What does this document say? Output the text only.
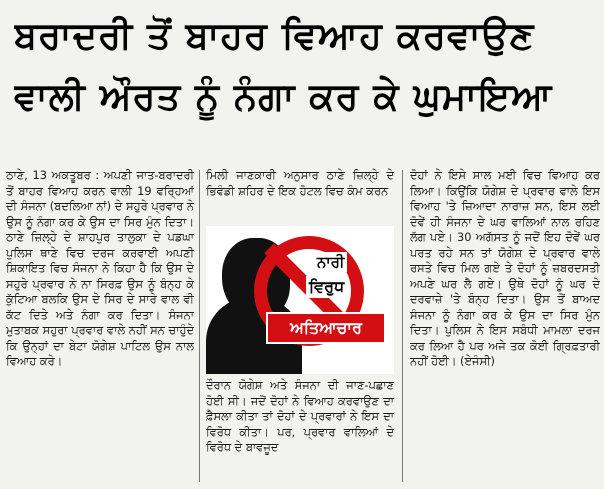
ਬਰਾਦਰੀ ਤੋਂ ਬਾਹਰ ਵਿਆਹ ਕਰਵਾਉਣ
ਵਾਲੀ ਔਰਤ ਨੂੰ ਨੰਗਾ ਕਰ ਕੇ ਘੁਮਾਇਆ

ਠਾਣੇ, 13 ਅਕਤੂਬਰ : ਅਪਣੀ ਜਾਤ-ਬਰਾਦਰੀ ਤੋਂ ਬਾਹਰ ਵਿਆਹ ਕਰਨ ਵਾਲੀ 19 ਵਰ੍ਹਿਆਂ ਦੀ ਸੰਜਨਾ (ਬਦਲਿਆ ਨਾਂ) ਦੇ ਸਹੁਰੇ ਪ੍ਰਵਾਰ ਨੇ ਉਸ ਨੂੰ ਨੰਗਾ ਕਰ ਕੇ ਉਸ ਦਾ ਸਿਰ ਮੁੰਨ ਦਿਤਾ। ਠਾਣੇ ਜ਼ਿਲ੍ਹੇ ਦੇ ਸ਼ਾਹਪੁਰ ਤਾਲੁਕਾ ਦੇ ਪਡਘਾ ਪੁਲਿਸ ਥਾਣੇ ਵਿਚ ਦਰਜ ਕਰਵਾਈ ਅਪਣੀ ਸ਼ਿਕਾਇਤ ਵਿਚ ਸੰਜਨਾ ਨੇ ਕਿਹਾ ਹੈ ਕਿ ਉਸ ਦੇ ਸਹੁਰੇ ਪ੍ਰਵਾਰ ਨੇ ਨਾ ਸਿਰਫ਼ ਉਸ ਨੂੰ ਬੰਨ੍ਹ ਕੇ ਕੁੱਟਿਆ ਬਲਕਿ ਉਸ ਦੇ ਸਿਰ ਦੇ ਸਾਰੇ ਵਾਲ ਵੀ ਕੱਟ ਦਿਤੇ ਅਤੇ ਨੰਗਾ ਕਰ ਦਿਤਾ। ਸੰਜਨਾ ਮੁਤਾਬਕ ਸਹੁਰਾ ਪ੍ਰਵਾਰ ਵਾਲੇ ਨਹੀਂ ਸਨ ਚਾਹੁੰਦੇ ਕਿ ਉਨ੍ਹਾਂ ਦਾ ਬੇਟਾ ਯੋਗੇਸ਼ ਪਾਟਿਲ ਉਸ ਨਾਲ ਵਿਆਹ ਕਰੇ।

ਮਿਲੀ ਜਾਣਕਾਰੀ ਅਨੁਸਾਰ ਠਾਣੇ ਜ਼ਿਲ੍ਹੇ ਦੇ ਭਿਵੰਡੀ ਸ਼ਹਿਰ ਦੇ ਇਕ ਹੋਟਲ ਵਿਚ ਕੰਮ ਕਰਨ

ਨਾਰੀ
ਵਿਰੁਧ
ਅਤਿਆਚਾਰ

ਦੌਰਾਨ ਯੋਗੇਸ਼ ਅਤੇ ਸੰਜਨਾ ਦੀ ਜਾਣ-ਪਛਾਣ ਹੋਈ ਸੀ। ਜਦੋਂ ਦੋਹਾਂ ਨੇ ਵਿਆਹ ਕਰਵਾਉਣ ਦਾ ਫ਼ੈਸਲਾ ਕੀਤਾ ਤਾਂ ਦੋਹਾਂ ਦੇ ਪ੍ਰਵਾਰਾਂ ਨੇ ਇਸ ਦਾ ਵਿਰੋਧ ਕੀਤਾ। ਪਰ, ਪ੍ਰਵਾਰ ਵਾਲਿਆਂ ਦੇ ਵਿਰੋਧ ਦੇ ਬਾਵਜੂਦ

ਦੋਹਾਂ ਨੇ ਇਸੇ ਸਾਲ ਮਈ ਵਿਚ ਵਿਆਹ ਕਰ ਲਿਆ। ਕਿਉਂਕਿ ਯੋਗੇਸ਼ ਦੇ ਪ੍ਰਵਾਰ ਵਾਲੇ ਇਸ ਵਿਆਹ 'ਤੇ ਜ਼ਿਆਦਾ ਨਾਰਾਜ਼ ਸਨ, ਇਸ ਲਈ ਦੋਵੇਂ ਹੀ ਸੰਜਨਾ ਦੇ ਘਰ ਵਾਲਿਆਂ ਨਾਲ ਰਹਿਣ ਲੱਗ ਪਏ। 30 ਅਗੱਸਤ ਨੂੰ ਜਦੋਂ ਇਹ ਦੋਵੇਂ ਘਰ ਪਰਤ ਰਹੇ ਸਨ ਤਾਂ ਯੋਗੇਸ਼ ਦੇ ਪ੍ਰਵਾਰ ਵਾਲੇ ਰਸਤੇ ਵਿਚ ਮਿਲ ਗਏ ਤੇ ਦੋਹਾਂ ਨੂੰ ਜ਼ਬਰਦਸਤੀ ਅਪਣੇ ਘਰ ਲੈ ਗਏ। ਉਥੇ ਦੋਹਾਂ ਨੂੰ ਘਰ ਦੇ ਦਰਵਾਜ਼ੇ 'ਤੇ ਬੰਨ੍ਹ ਦਿਤਾ। ਉਸ ਤੋਂ ਬਾਅਦ ਸੰਜਨਾ ਨੂੰ ਨੰਗਾ ਕਰ ਕੇ ਉਸ ਦਾ ਸਿਰ ਮੁੰਨ ਦਿਤਾ। ਪੁਲਿਸ ਨੇ ਇਸ ਸਬੰਧੀ ਮਾਮਲਾ ਦਰਜ ਕਰ ਲਿਆ ਹੈ ਪਰ ਅਜੇ ਤਕ ਕੋਈ ਗ੍ਰਿਫ਼ਤਾਰੀ ਨਹੀਂ ਹੋਈ। (ਏਜੰਸੀ)
